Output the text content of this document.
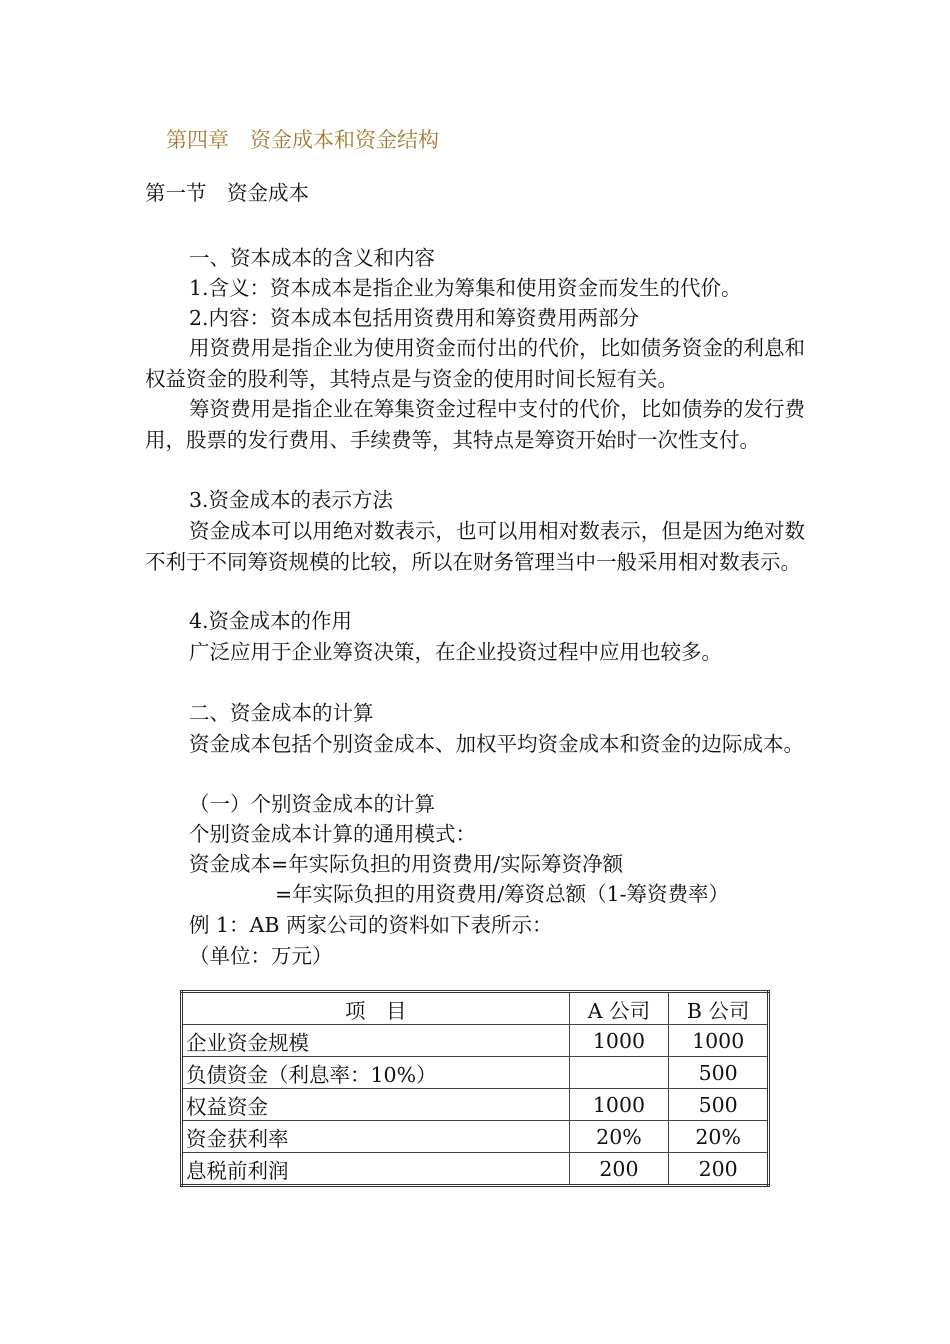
第四章　资金成本和资金结构
第一节　资金成本
一、资本成本的含义和内容
1.含义：资本成本是指企业为筹集和使用资金而发生的代价。
2.内容：资本成本包括用资费用和筹资费用两部分
用资费用是指企业为使用资金而付出的代价，比如债务资金的利息和权益资金的股利等，其特点是与资金的使用时间长短有关。
筹资费用是指企业在筹集资金过程中支付的代价，比如债券的发行费用，股票的发行费用、手续费等，其特点是筹资开始时一次性支付。
3.资金成本的表示方法
资金成本可以用绝对数表示，也可以用相对数表示，但是因为绝对数不利于不同筹资规模的比较，所以在财务管理当中一般采用相对数表示。
4.资金成本的作用
广泛应用于企业筹资决策，在企业投资过程中应用也较多。
二、资金成本的计算
资金成本包括个别资金成本、加权平均资金成本和资金的边际成本。
（一）个别资金成本的计算
个别资金成本计算的通用模式：
资金成本=年实际负担的用资费用/实际筹资净额
=年实际负担的用资费用/筹资总额（1-筹资费率）
例 1：AB 两家公司的资料如下表所示：
（单位：万元）
项　目	A 公司	B 公司
企业资金规模	1000	1000
负债资金（利息率：10%）		500
权益资金	1000	500
资金获利率	20%	20%
息税前利润	200	200
